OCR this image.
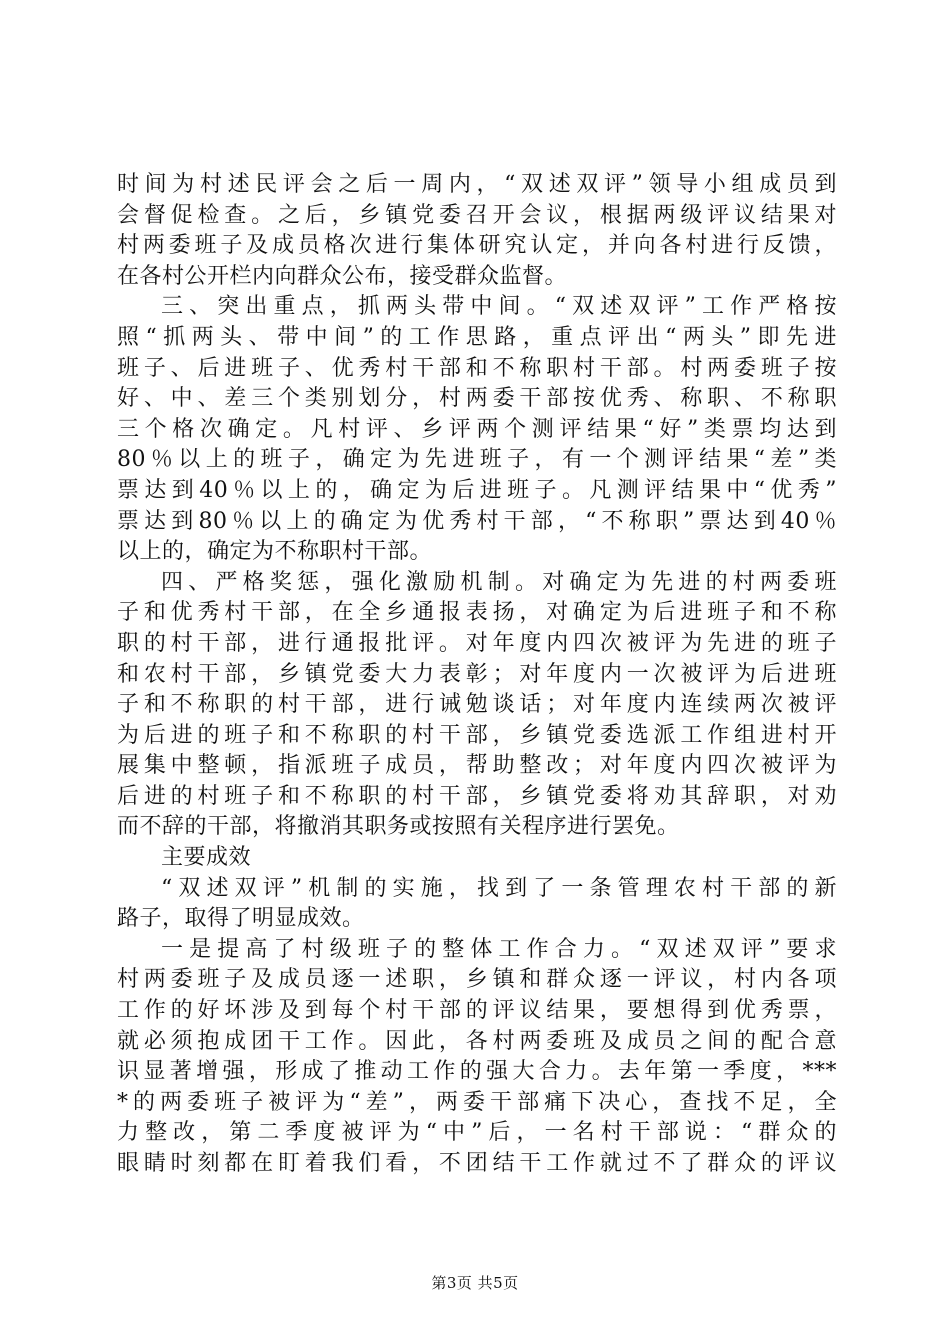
时间为村述民评会之后一周内，“双述双评”领导小组成员到
会督促检查。之后，乡镇党委召开会议，根据两级评议结果对
村两委班子及成员格次进行集体研究认定，并向各村进行反馈，
在各村公开栏内向群众公布，接受群众监督。
三、突出重点，抓两头带中间。“双述双评”工作严格按
照“抓两头、带中间”的工作思路，重点评出“两头”即先进
班子、后进班子、优秀村干部和不称职村干部。村两委班子按
好、中、差三个类别划分，村两委干部按优秀、称职、不称职
三个格次确定。凡村评、乡评两个测评结果“好”类票均达到
80％以上的班子，确定为先进班子，有一个测评结果“差”类
票达到40％以上的，确定为后进班子。凡测评结果中“优秀”
票达到80％以上的确定为优秀村干部，“不称职”票达到40％
以上的，确定为不称职村干部。
四、严格奖惩，强化激励机制。对确定为先进的村两委班
子和优秀村干部，在全乡通报表扬，对确定为后进班子和不称
职的村干部，进行通报批评。对年度内四次被评为先进的班子
和农村干部，乡镇党委大力表彰；对年度内一次被评为后进班
子和不称职的村干部，进行诫勉谈话；对年度内连续两次被评
为后进的班子和不称职的村干部，乡镇党委选派工作组进村开
展集中整顿，指派班子成员，帮助整改；对年度内四次被评为
后进的村班子和不称职的村干部，乡镇党委将劝其辞职，对劝
而不辞的干部，将撤消其职务或按照有关程序进行罢免。
主要成效
“双述双评”机制的实施，找到了一条管理农村干部的新
路子，取得了明显成效。
一是提高了村级班子的整体工作合力。“双述双评”要求
村两委班子及成员逐一述职，乡镇和群众逐一评议，村内各项
工作的好坏涉及到每个村干部的评议结果，要想得到优秀票，
就必须抱成团干工作。因此，各村两委班及成员之间的配合意
识显著增强，形成了推动工作的强大合力。去年第一季度，***
*的两委班子被评为“差”，两委干部痛下决心，查找不足，全
力整改，第二季度被评为“中”后，一名村干部说：“群众的
眼睛时刻都在盯着我们看，不团结干工作就过不了群众的评议
第3页 共5页
